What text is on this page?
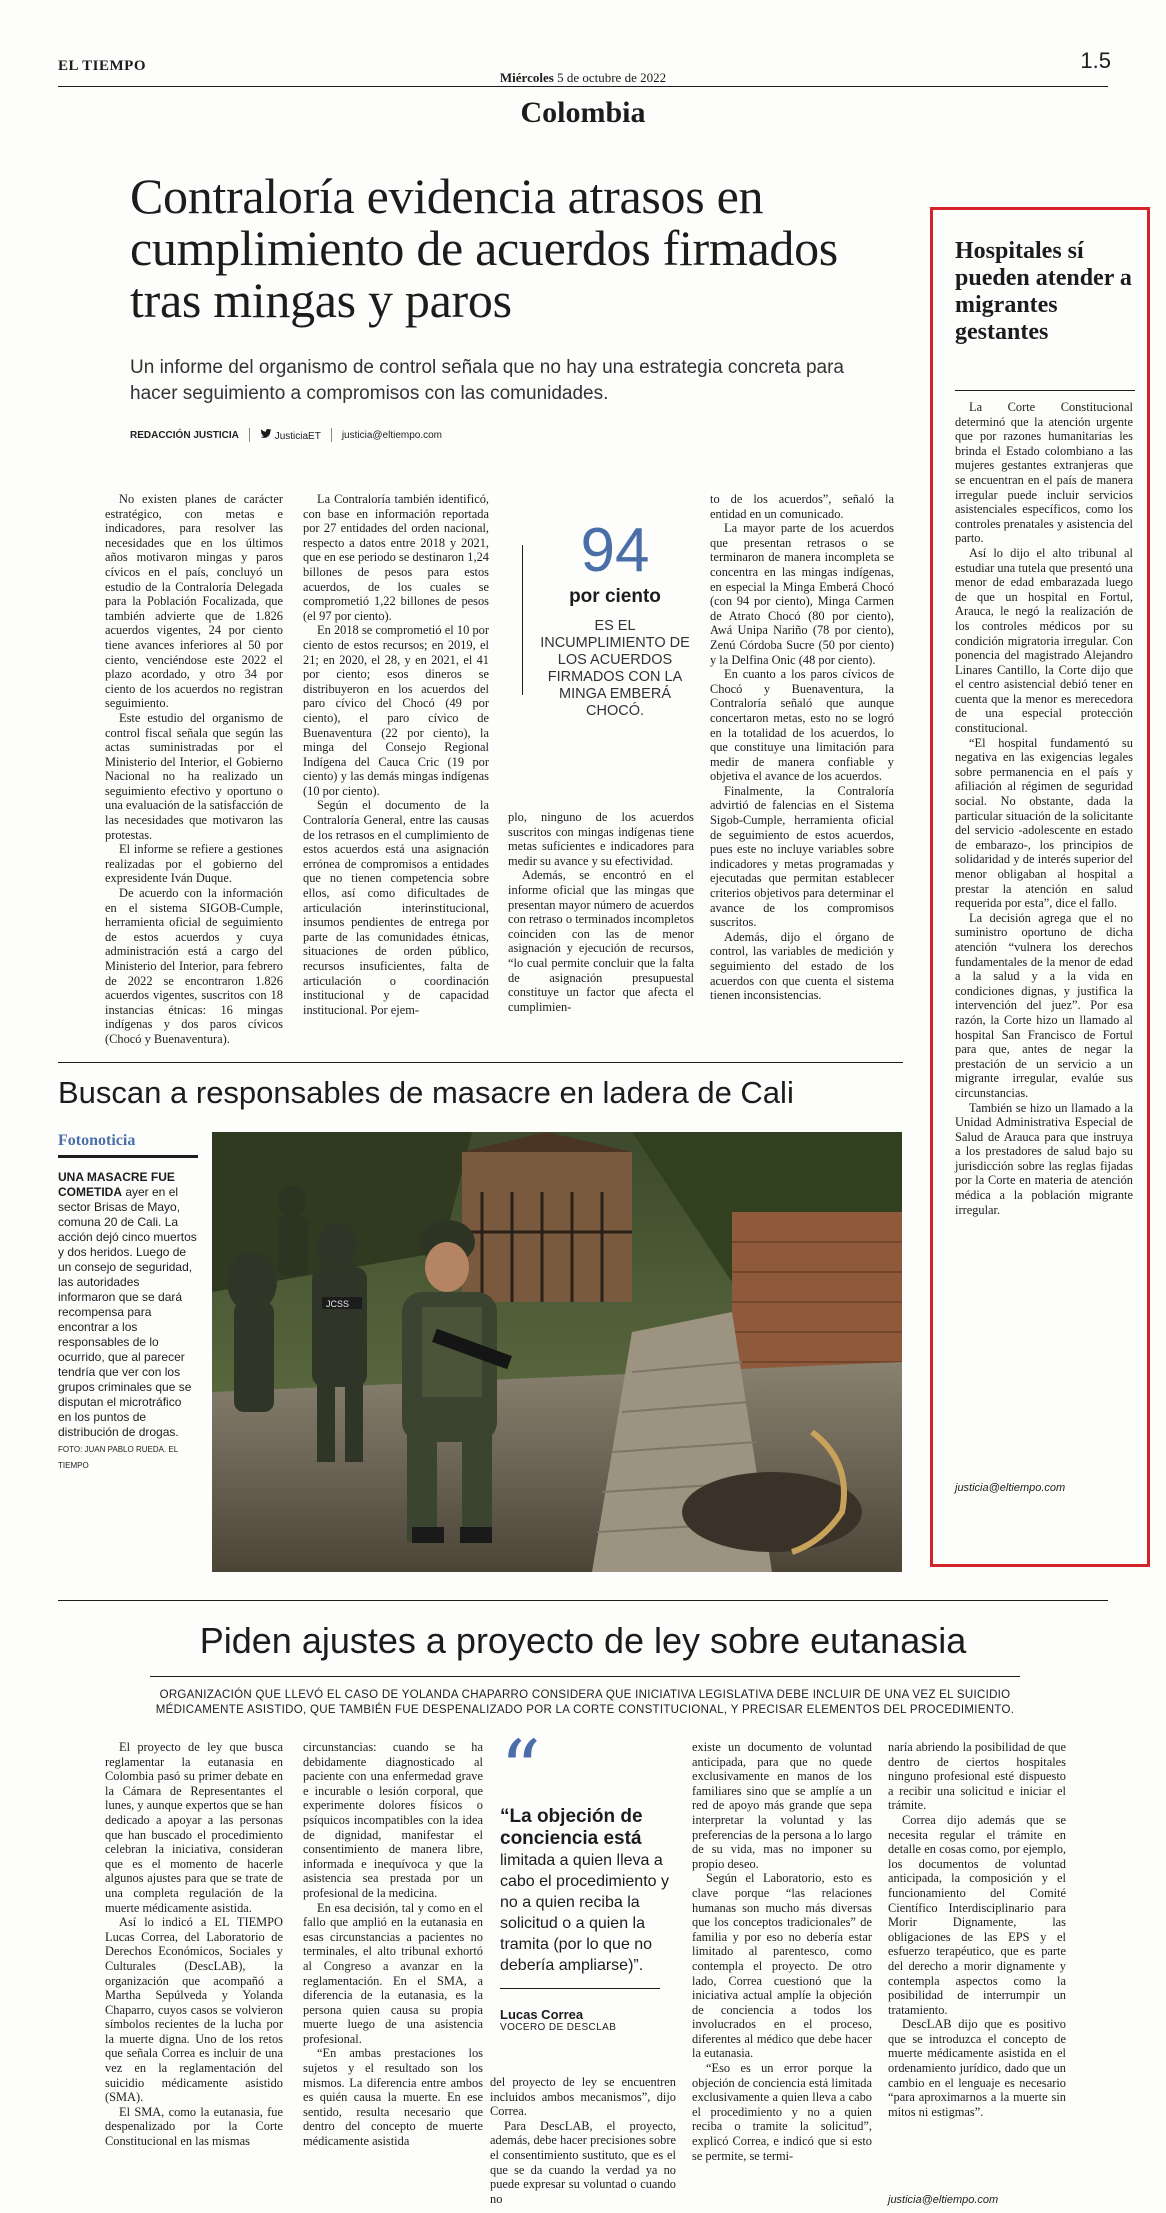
EL TIEMPO	1.5
Miércoles 5 de octubre de 2022
Colombia
Contraloría evidencia atrasos en cumplimiento de acuerdos firmados tras mingas y paros
Un informe del organismo de control señala que no hay una estrategia concreta para hacer seguimiento a compromisos con las comunidades.
REDACCIÓN JUSTICIA	JusticiaET justicia@eltiempo.com

No existen planes de carácter estratégico, con metas e indicadores, para resolver las necesidades que en los últimos años motivaron mingas y paros cívicos en el país, concluyó un estudio de la Contraloría Delegada para la Población Focalizada, que también advierte que de 1.826 acuerdos vigentes, 24 por ciento tiene avances inferiores al 50 por ciento, venciéndose este 2022 el plazo acordado, y otro 34 por ciento de los acuerdos no registran seguimiento.

Este estudio del organismo de control fiscal señala que según las actas suministradas por el Ministerio del Interior, el Gobierno Nacional no ha realizado un seguimiento efectivo y oportuno o una evaluación de la satisfacción de las necesidades que motivaron las protestas.

El informe se refiere a gestiones realizadas por el gobierno del expresidente Iván Duque.

De acuerdo con la información en el sistema SIGOB-Cumple, herramienta oficial de seguimiento de estos acuerdos y cuya administración está a cargo del Ministerio del Interior, para febrero de 2022 se encontraron 1.826 acuerdos vigentes, suscritos con 18 instancias étnicas: 16 mingas indígenas y dos paros cívicos (Chocó y Buenaventura).

La Contraloría también identificó, con base en información reportada por 27 entidades del orden nacional, respecto a datos entre 2018 y 2021, que en ese periodo se destinaron 1,24 billones de pesos para estos acuerdos, de los cuales se comprometió 1,22 billones de pesos (el 97 por ciento).

En 2018 se comprometió el 10 por ciento de estos recursos; en 2019, el 21; en 2020, el 28, y en 2021, el 41 por ciento; esos dineros se distribuyeron en los acuerdos del paro cívico del Chocó (49 por ciento), el paro cívico de Buenaventura (22 por ciento), la minga del Consejo Regional Indígena del Cauca Cric (19 por ciento) y las demás mingas indígenas (10 por ciento).

Según el documento de la Contraloría General, entre las causas de los retrasos en el cumplimiento de estos acuerdos está una asignación errónea de compromisos a entidades que no tienen competencia sobre ellos, así como dificultades de articulación interinstitucional, insumos pendientes de entrega por parte de las comunidades étnicas, situaciones de orden público, recursos insuficientes, falta de articulación o coordinación institucional y de capacidad institucional. Por ejem-

94
por ciento
ES EL INCUMPLIMIENTO DE LOS ACUERDOS FIRMADOS CON LA MINGA EMBERÁ CHOCÓ.

plo, ninguno de los acuerdos suscritos con mingas indígenas tiene metas suficientes e indicadores para medir su avance y su efectividad.

Además, se encontró en el informe oficial que las mingas que presentan mayor número de acuerdos con retraso o terminados incompletos coinciden con las de menor asignación y ejecución de recursos, “lo cual permite concluir que la falta de asignación presupuestal constituye un factor que afecta el cumplimien-

to de los acuerdos”, señaló la entidad en un comunicado.

La mayor parte de los acuerdos que presentan retrasos o se terminaron de manera incompleta se concentra en las mingas indígenas, en especial la Minga Emberá Chocó (con 94 por ciento), Minga Carmen de Atrato Chocó (80 por ciento), Awá Unipa Nariño (78 por ciento), Zenú Córdoba Sucre (50 por ciento) y la Delfina Onic (48 por ciento).

En cuanto a los paros cívicos de Chocó y Buenaventura, la Contraloría señaló que aunque concertaron metas, esto no se logró en la totalidad de los acuerdos, lo que constituye una limitación para medir de manera confiable y objetiva el avance de los acuerdos.

Finalmente, la Contraloría advirtió de falencias en el Sistema Sigob-Cumple, herramienta oficial de seguimiento de estos acuerdos, pues este no incluye variables sobre indicadores y metas programadas y ejecutadas que permitan establecer criterios objetivos para determinar el avance de los compromisos suscritos.

Además, dijo el órgano de control, las variables de medición y seguimiento del estado de los acuerdos con que cuenta el sistema tienen inconsistencias.

Hospitales sí pueden atender a migrantes gestantes

La Corte Constitucional determinó que la atención urgente que por razones humanitarias les brinda el Estado colombiano a las mujeres gestantes extranjeras que se encuentran en el país de manera irregular puede incluir servicios asistenciales específicos, como los controles prenatales y asistencia del parto.

Así lo dijo el alto tribunal al estudiar una tutela que presentó una menor de edad embarazada luego de que un hospital en Fortul, Arauca, le negó la realización de los controles médicos por su condición migratoria irregular. Con ponencia del magistrado Alejandro Linares Cantillo, la Corte dijo que el centro asistencial debió tener en cuenta que la menor es merecedora de una especial protección constitucional.

“El hospital fundamentó su negativa en las exigencias legales sobre permanencia en el país y afiliación al régimen de seguridad social. No obstante, dada la particular situación de la solicitante del servicio -adolescente en estado de embarazo-, los principios de solidaridad y de interés superior del menor obligaban al hospital a prestar la atención en salud requerida por esta”, dice el fallo.

La decisión agrega que el no suministro oportuno de dicha atención “vulnera los derechos fundamentales de la menor de edad a la salud y a la vida en condiciones dignas, y justifica la intervención del juez”. Por esa razón, la Corte hizo un llamado al hospital San Francisco de Fortul para que, antes de negar la prestación de un servicio a un migrante irregular, evalúe sus circunstancias.

También se hizo un llamado a la Unidad Administrativa Especial de Salud de Arauca para que instruya a los prestadores de salud bajo su jurisdicción sobre las reglas fijadas por la Corte en materia de atención médica a la población migrante irregular.

justicia@eltiempo.com
Buscan a responsables de masacre en ladera de Cali
Fotonoticia
UNA MASACRE FUE COMETIDA ayer en el sector Brisas de Mayo, comuna 20 de Cali. La acción dejó cinco muertos y dos heridos. Luego de un consejo de seguridad, las autoridades informaron que se dará recompensa para encontrar a los responsables de lo ocurrido, que al parecer tendría que ver con los grupos criminales que se disputan el microtráfico en los puntos de distribución de drogas. FOTO: JUAN PABLO RUEDA. EL TIEMPO
JCSS
Piden ajustes a proyecto de ley sobre eutanasia
ORGANIZACIÓN QUE LLEVÓ EL CASO DE YOLANDA CHAPARRO CONSIDERA QUE INICIATIVA LEGISLATIVA DEBE INCLUIR DE UNA VEZ EL SUICIDIO MÉDICAMENTE ASISTIDO, QUE TAMBIÉN FUE DESPENALIZADO POR LA CORTE CONSTITUCIONAL, Y PRECISAR ELEMENTOS DEL PROCEDIMIENTO.

El proyecto de ley que busca reglamentar la eutanasia en Colombia pasó su primer debate en la Cámara de Representantes el lunes, y aunque expertos que se han dedicado a apoyar a las personas que han buscado el procedimiento celebran la iniciativa, consideran que es el momento de hacerle algunos ajustes para que se trate de una completa regulación de la muerte médicamente asistida.

Así lo indicó a EL TIEMPO Lucas Correa, del Laboratorio de Derechos Económicos, Sociales y Culturales (DescLAB), la organización que acompañó a Martha Sepúlveda y Yolanda Chaparro, cuyos casos se volvieron símbolos recientes de la lucha por la muerte digna. Uno de los retos que señala Correa es incluir de una vez en la reglamentación del suicidio médicamente asistido (SMA).

El SMA, como la eutanasia, fue despenalizado por la Corte Constitucional en las mismas

circunstancias: cuando se ha debidamente diagnosticado al paciente con una enfermedad grave e incurable o lesión corporal, que experimente dolores físicos o psíquicos incompatibles con la idea de dignidad, manifestar el consentimiento de manera libre, informada e inequívoca y que la asistencia sea prestada por un profesional de la medicina.

En esa decisión, tal y como en el fallo que amplió en la eutanasia en esas circunstancias a pacientes no terminales, el alto tribunal exhortó al Congreso a avanzar en la reglamentación. En el SMA, a diferencia de la eutanasia, es la persona quien causa su propia muerte luego de una asistencia profesional.

“En ambas prestaciones los sujetos y el resultado son los mismos. La diferencia entre ambos es quién causa la muerte. En ese sentido, resulta necesario que dentro del concepto de muerte médicamente asistida

“
“La objeción de conciencia está
limitada a quien lleva a cabo el procedimiento y no a quien reciba la solicitud o a quien la tramita (por lo que no debería ampliarse)”.
Lucas Correa
VOCERO DE DESCLAB

del proyecto de ley se encuentren incluidos ambos mecanismos”, dijo Correa.

Para DescLAB, el proyecto, además, debe hacer precisiones sobre el consentimiento sustituto, que es el que se da cuando la verdad ya no puede expresar su voluntad o cuando no

existe un documento de voluntad anticipada, para que no quede exclusivamente en manos de los familiares sino que se amplíe a un red de apoyo más grande que sepa interpretar la voluntad y las preferencias de la persona a lo largo de su vida, mas no imponer su propio deseo.

Según el Laboratorio, esto es clave porque “las relaciones humanas son mucho más diversas que los conceptos tradicionales” de familia y por eso no debería estar limitado al parentesco, como contempla el proyecto. De otro lado, Correa cuestionó que la iniciativa actual amplíe la objeción de conciencia a todos los involucrados en el proceso, diferentes al médico que debe hacer la eutanasia.

“Eso es un error porque la objeción de conciencia está limitada exclusivamente a quien lleva a cabo el procedimiento y no a quien reciba o tramite la solicitud”, explicó Correa, e indicó que si esto se permite, se termi-

naría abriendo la posibilidad de que dentro de ciertos hospitales ninguno profesional esté dispuesto a recibir una solicitud e iniciar el trámite.

Correa dijo además que se necesita regular el trámite en detalle en cosas como, por ejemplo, los documentos de voluntad anticipada, la composición y el funcionamiento del Comité Científico Interdisciplinario para Morir Dignamente, las obligaciones de las EPS y el esfuerzo terapéutico, que es parte del derecho a morir dignamente y contempla aspectos como la posibilidad de interrumpir un tratamiento.

DescLAB dijo que es positivo que se introduzca el concepto de muerte médicamente asistida en el ordenamiento jurídico, dado que un cambio en el lenguaje es necesario “para aproximarnos a la muerte sin mitos ni estigmas”.

justicia@eltiempo.com
